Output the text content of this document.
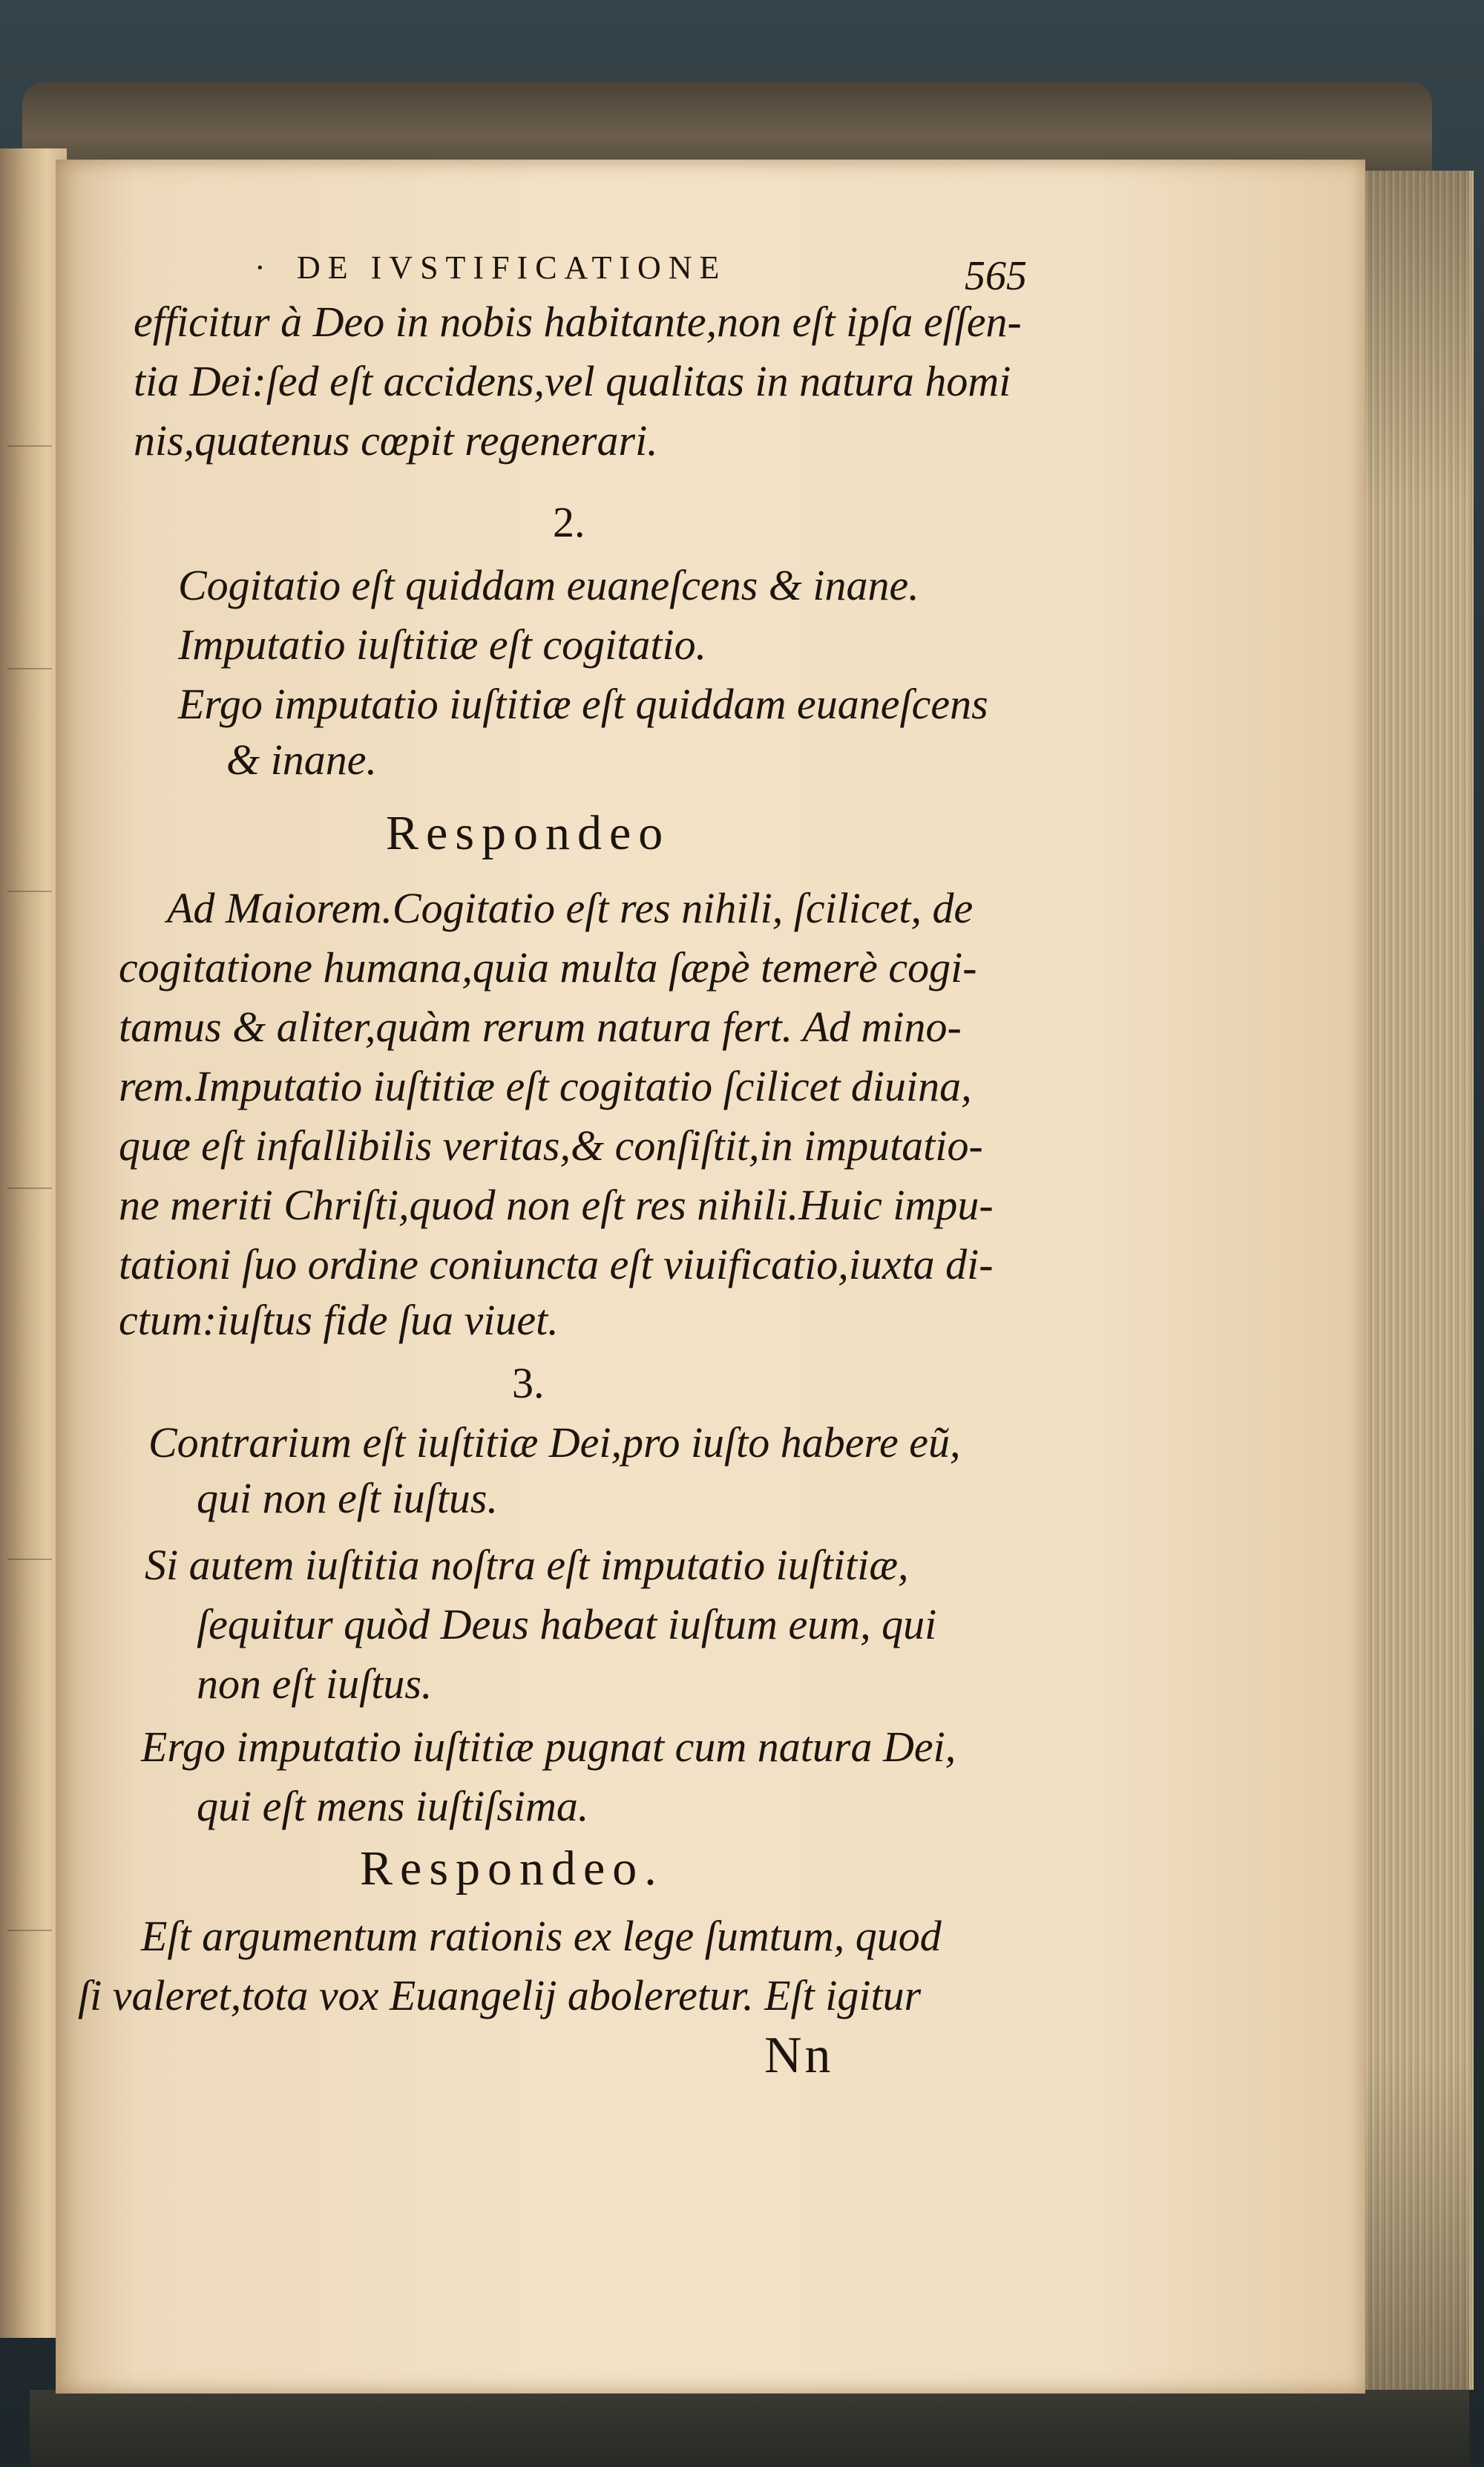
· DE IVSTIFICATIONE	565
efficitur à Deo in nobis habitante,non eſt ipſa eſſen-
tia Dei:ſed eſt accidens,vel qualitas in natura homi
nis,quatenus cœpit regenerari.
2.
Cogitatio eſt quiddam euaneſcens & inane.
Imputatio iuſtitiæ eſt cogitatio.
Ergo imputatio iuſtitiæ eſt quiddam euaneſcens
& inane.
Respondeo
Ad Maiorem.Cogitatio eſt res nihili, ſcilicet, de
cogitatione humana,quia multa ſæpè temerè cogi-
tamus & aliter,quàm rerum natura fert. Ad mino-
rem.Imputatio iuſtitiæ eſt cogitatio ſcilicet diuina,
quæ eſt infallibilis veritas,& conſiſtit,in imputatio-
ne meriti Chriſti,quod non eſt res nihili.Huic impu-
tationi ſuo ordine coniuncta eſt viuificatio,iuxta di-
ctum:iuſtus fide ſua viuet.
3.
Contrarium eſt iuſtitiæ Dei,pro iuſto habere eũ,
qui non eſt iuſtus.
Si autem iuſtitia noſtra eſt imputatio iuſtitiæ,
ſequitur quòd Deus habeat iuſtum eum, qui
non eſt iuſtus.
Ergo imputatio iuſtitiæ pugnat cum natura Dei,
qui eſt mens iuſtiſsima.
Respondeo.
Eſt argumentum rationis ex lege ſumtum, quod
ſi valeret,tota vox Euangelij aboleretur. Eſt igitur
Nn
